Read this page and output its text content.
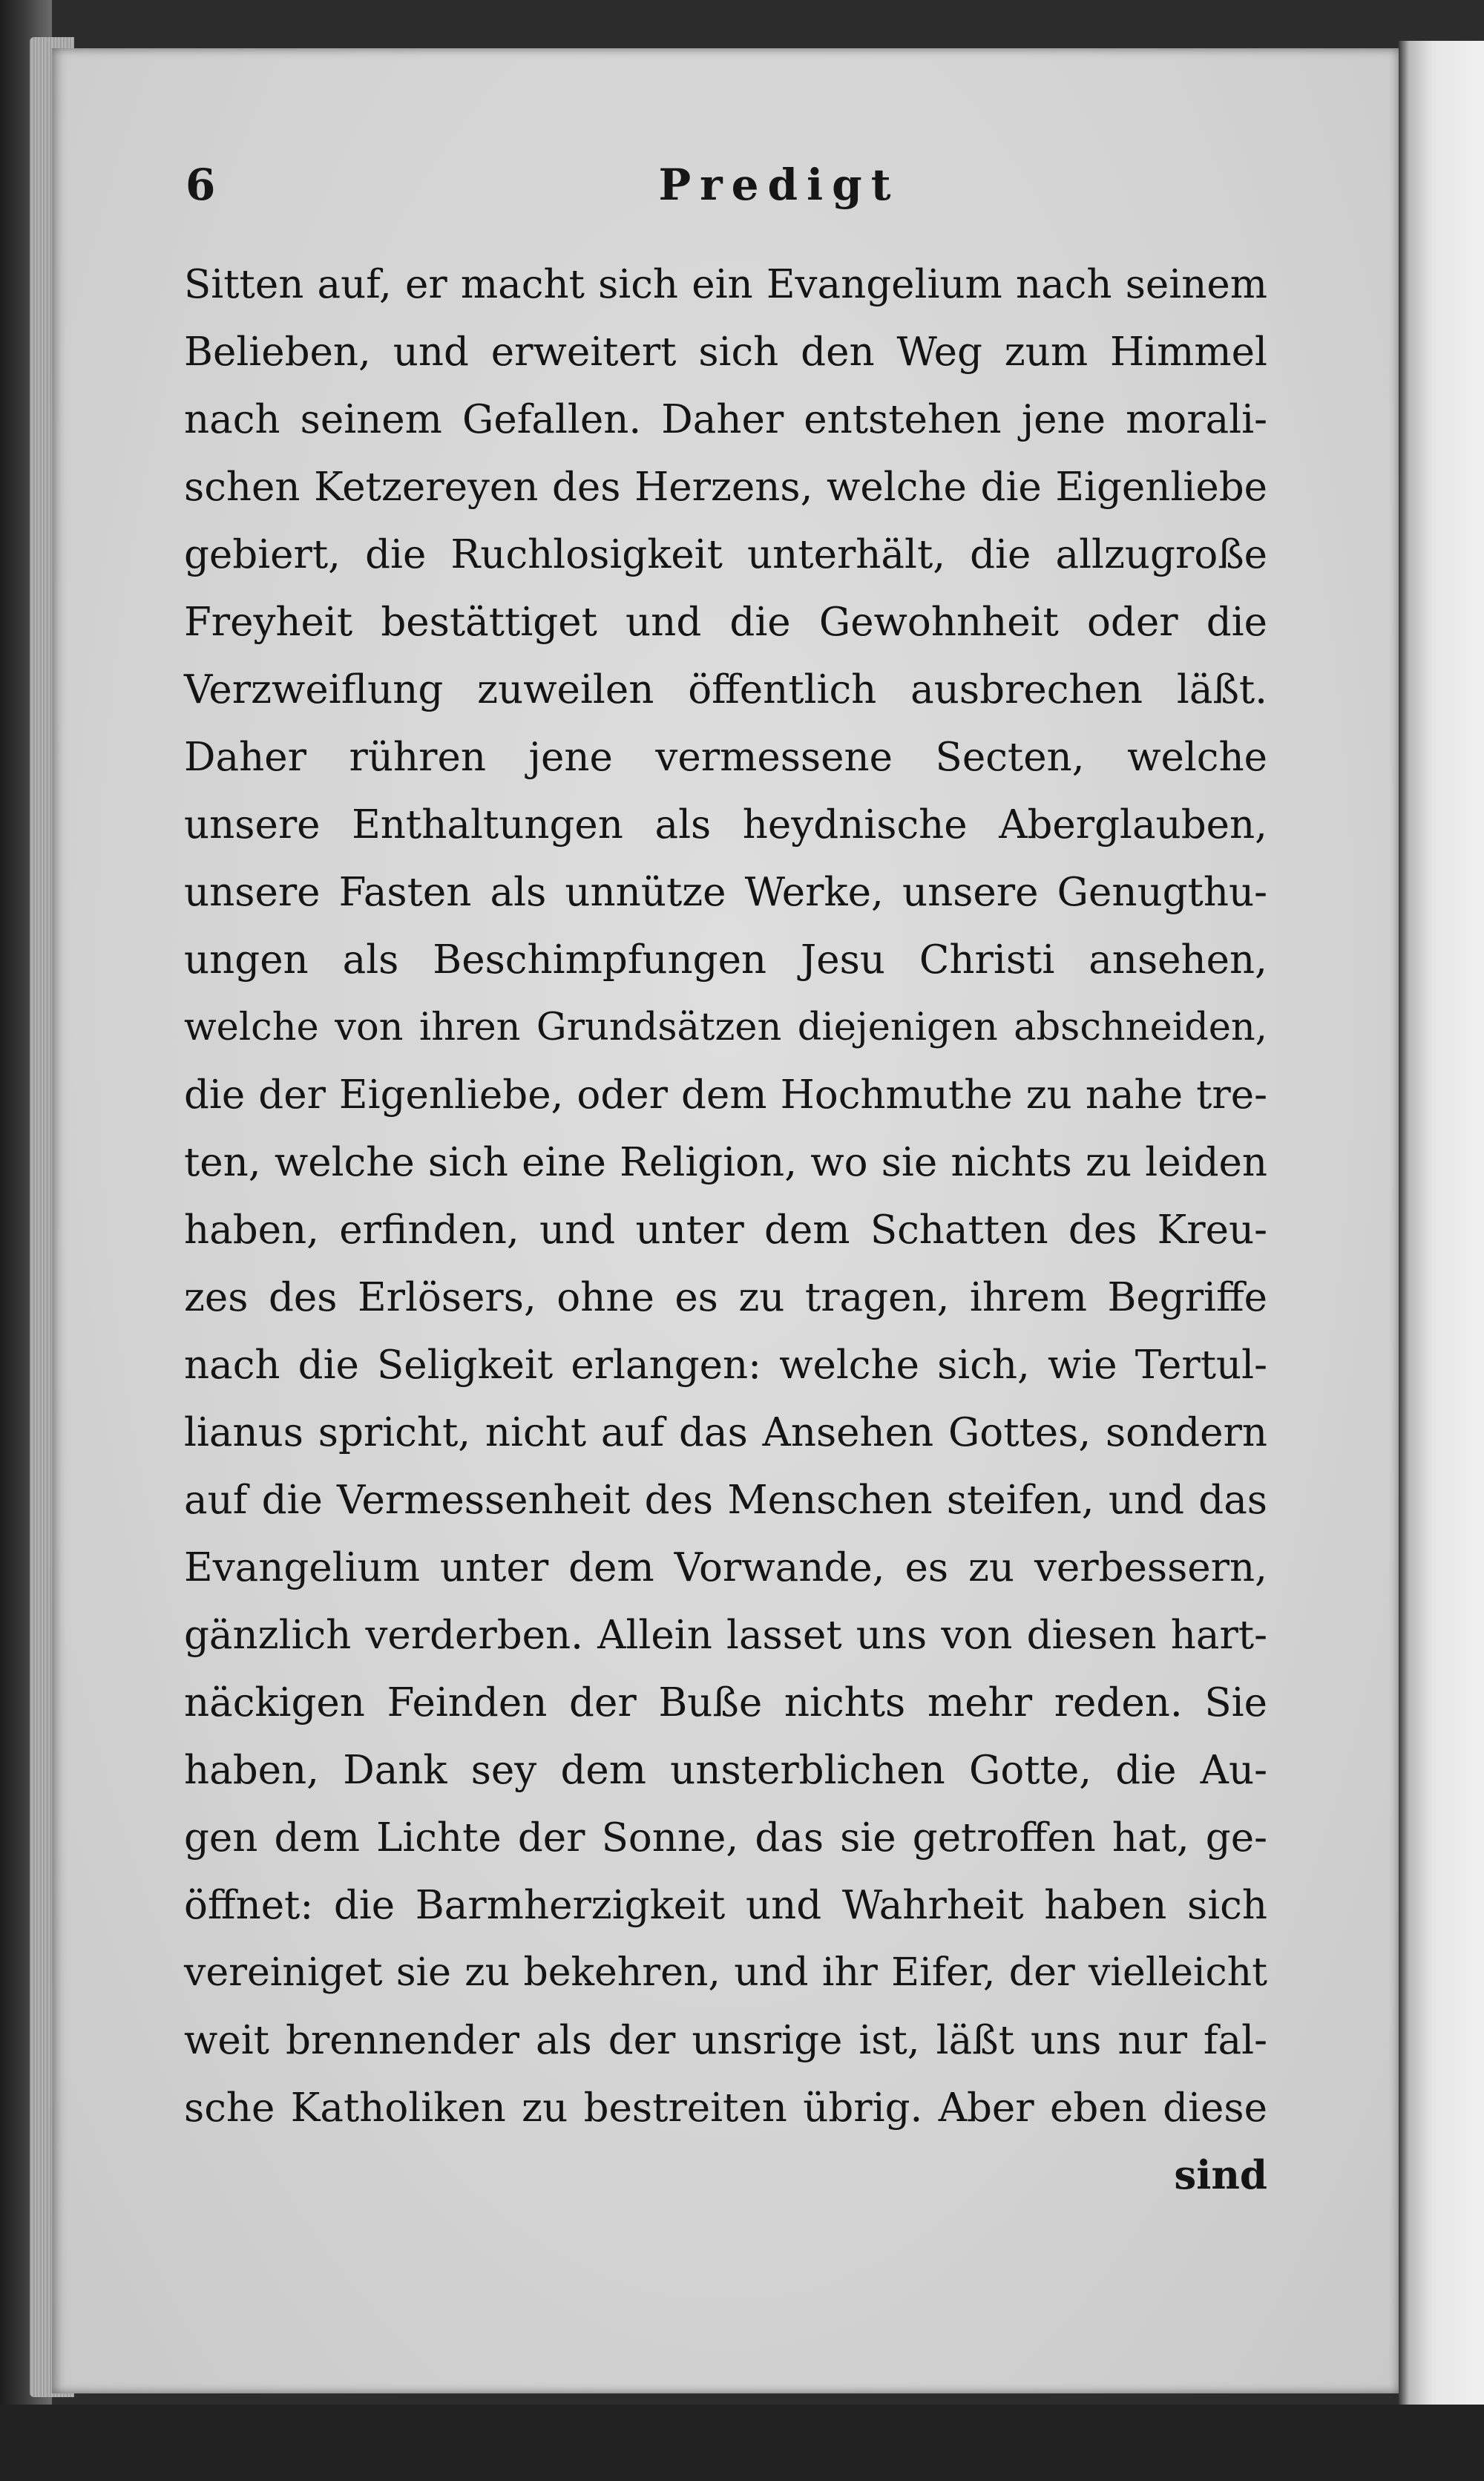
6	Predigt
Sitten auf, er macht sich ein Evangelium nach seinem
Belieben, und erweitert sich den Weg zum Himmel
nach seinem Gefallen. Daher entstehen jene morali-
schen Ketzereyen des Herzens, welche die Eigenliebe
gebiert, die Ruchlosigkeit unterhält, die allzugroße
Freyheit bestättiget und die Gewohnheit oder die
Verzweiflung zuweilen öffentlich ausbrechen läßt.
Daher rühren jene vermessene Secten, welche
unsere Enthaltungen als heydnische Aberglauben,
unsere Fasten als unnütze Werke, unsere Genugthu-
ungen als Beschimpfungen Jesu Christi ansehen,
welche von ihren Grundsätzen diejenigen abschneiden,
die der Eigenliebe, oder dem Hochmuthe zu nahe tre-
ten, welche sich eine Religion, wo sie nichts zu leiden
haben, erfinden, und unter dem Schatten des Kreu-
zes des Erlösers, ohne es zu tragen, ihrem Begriffe
nach die Seligkeit erlangen: welche sich, wie Tertul-
lianus spricht, nicht auf das Ansehen Gottes, sondern
auf die Vermessenheit des Menschen steifen, und das
Evangelium unter dem Vorwande, es zu verbessern,
gänzlich verderben. Allein lasset uns von diesen hart-
näckigen Feinden der Buße nichts mehr reden. Sie
haben, Dank sey dem unsterblichen Gotte, die Au-
gen dem Lichte der Sonne, das sie getroffen hat, ge-
öffnet: die Barmherzigkeit und Wahrheit haben sich
vereiniget sie zu bekehren, und ihr Eifer, der vielleicht
weit brennender als der unsrige ist, läßt uns nur fal-
sche Katholiken zu bestreiten übrig. Aber eben diese
sind
